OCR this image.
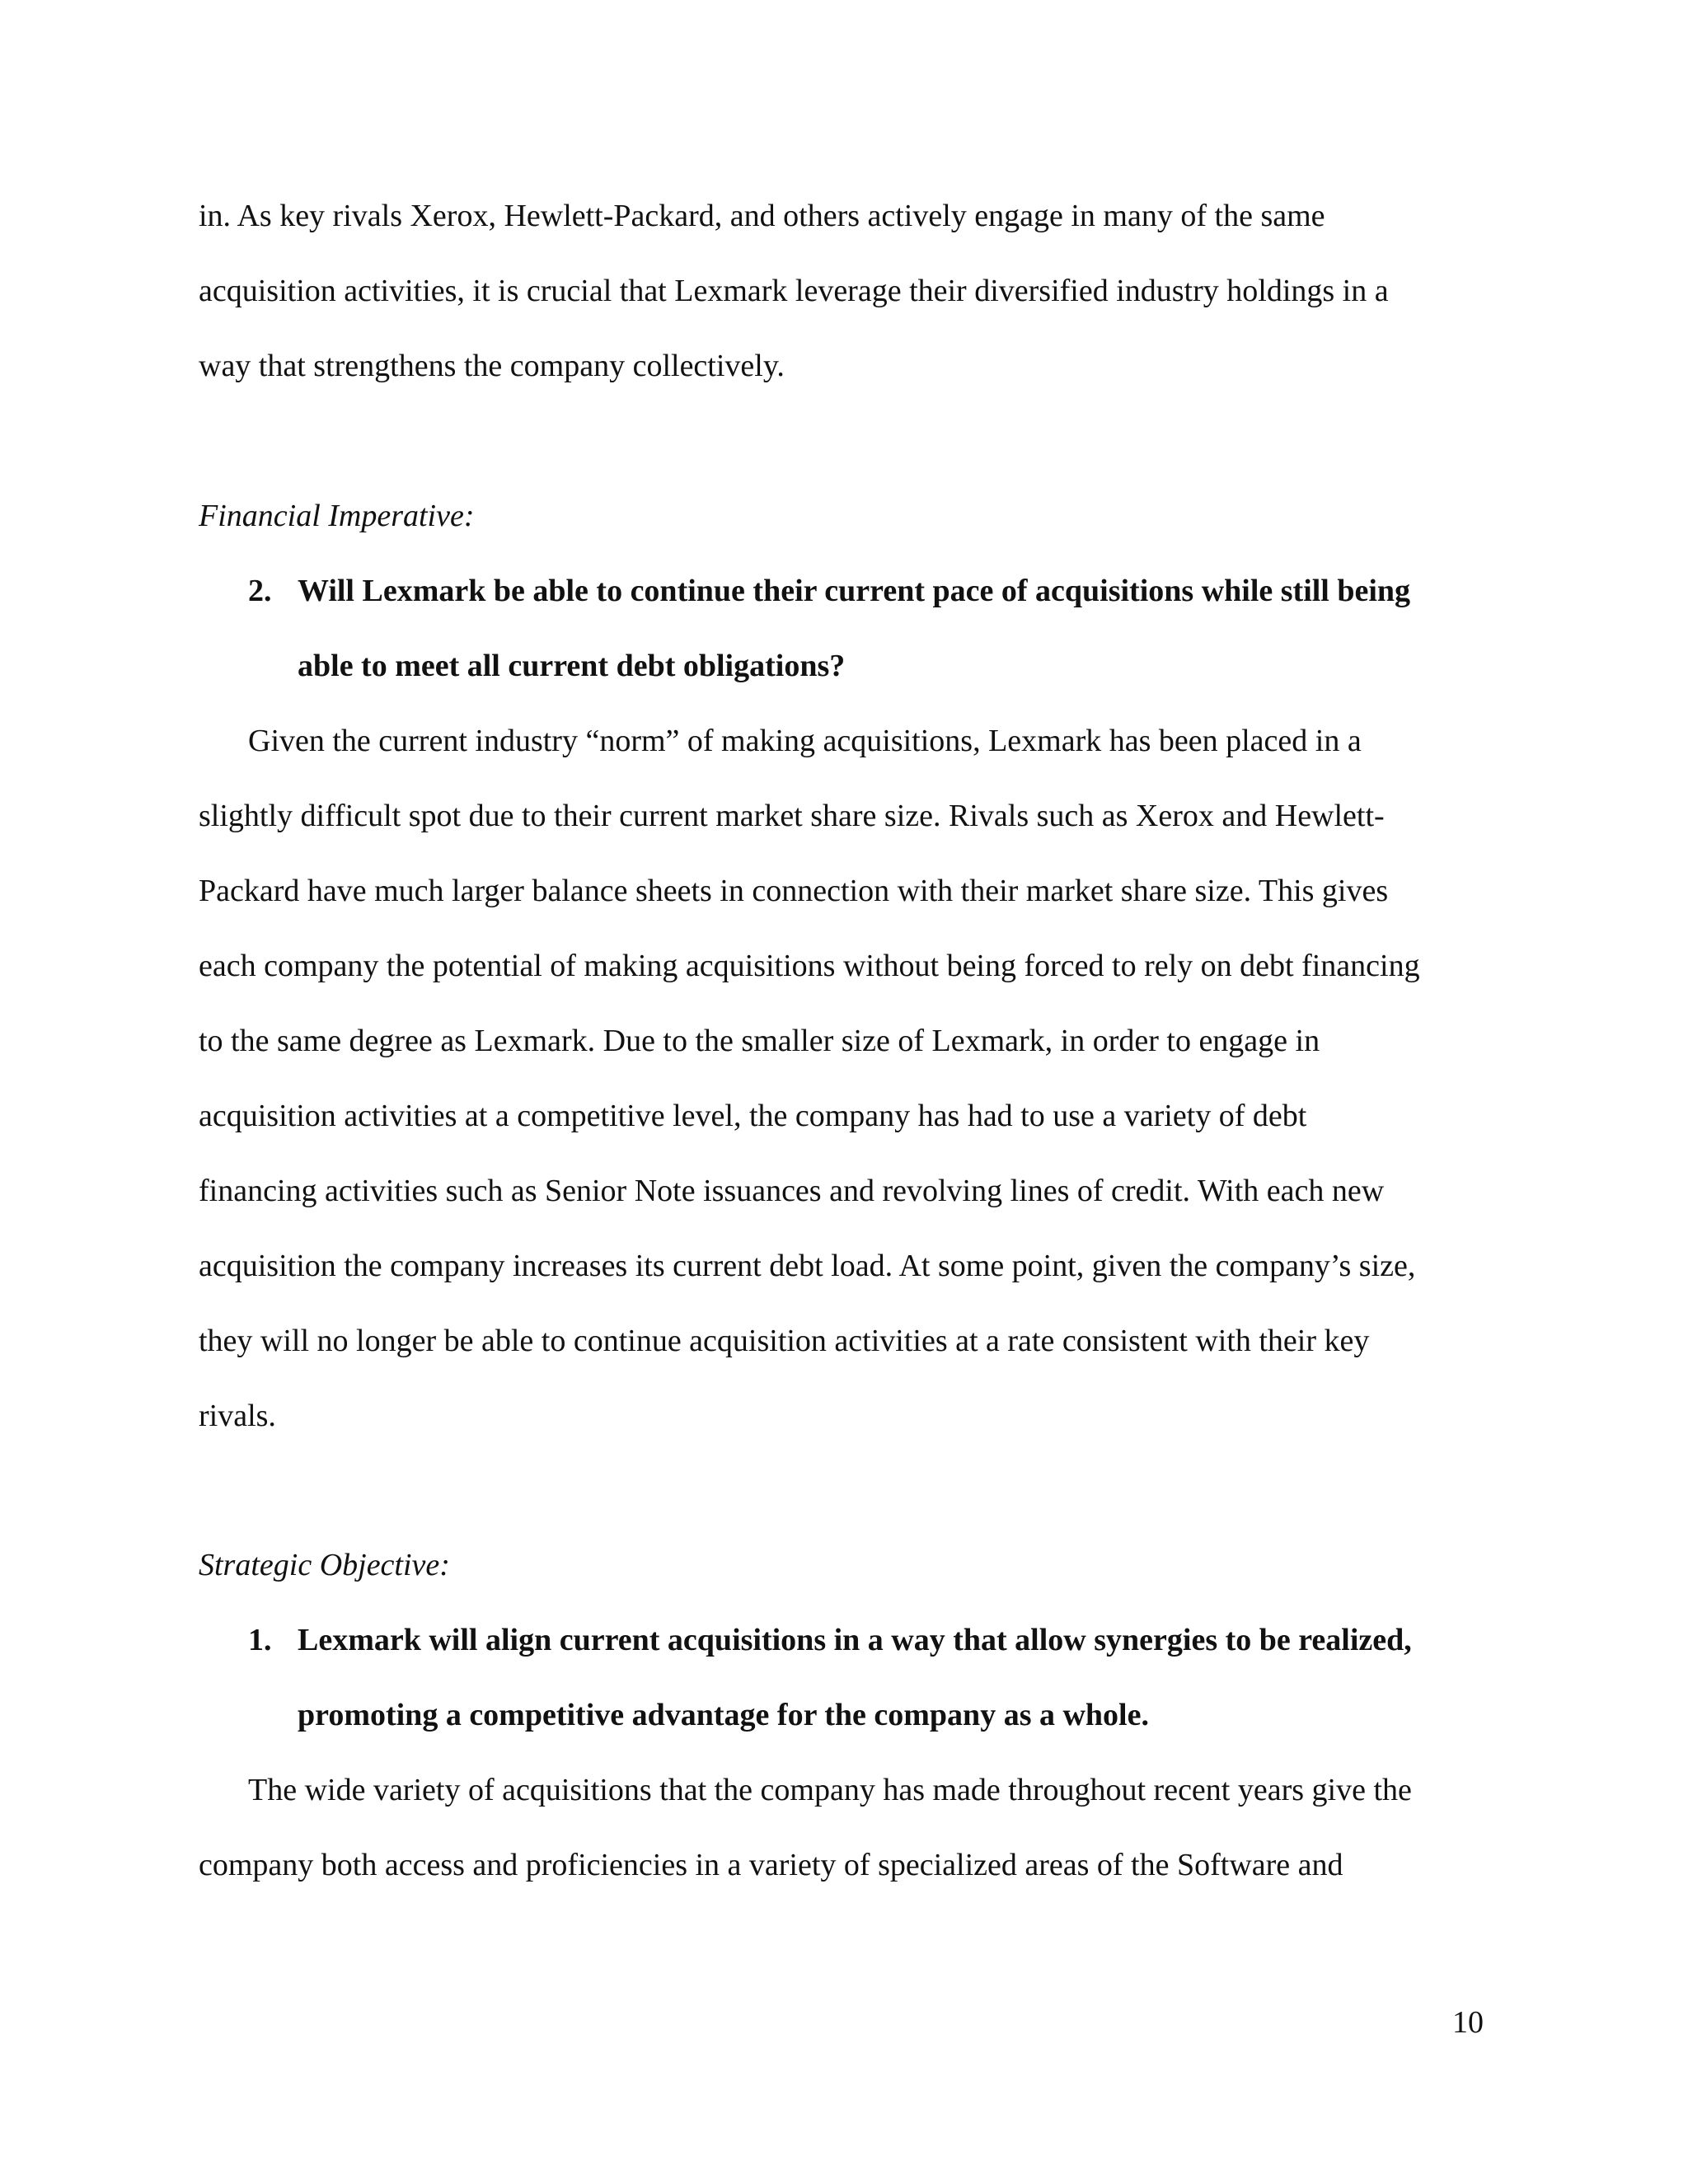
in. As key rivals Xerox, Hewlett-Packard, and others actively engage in many of the same
acquisition activities, it is crucial that Lexmark leverage their diversified industry holdings in a
way that strengthens the company collectively.
Financial Imperative:
2. Will Lexmark be able to continue their current pace of acquisitions while still being
able to meet all current debt obligations?
Given the current industry “norm” of making acquisitions, Lexmark has been placed in a
slightly difficult spot due to their current market share size. Rivals such as Xerox and Hewlett-
Packard have much larger balance sheets in connection with their market share size. This gives
each company the potential of making acquisitions without being forced to rely on debt financing
to the same degree as Lexmark. Due to the smaller size of Lexmark, in order to engage in
acquisition activities at a competitive level, the company has had to use a variety of debt
financing activities such as Senior Note issuances and revolving lines of credit. With each new
acquisition the company increases its current debt load. At some point, given the company’s size,
they will no longer be able to continue acquisition activities at a rate consistent with their key
rivals.
Strategic Objective:
1. Lexmark will align current acquisitions in a way that allow synergies to be realized,
promoting a competitive advantage for the company as a whole.
The wide variety of acquisitions that the company has made throughout recent years give the
company both access and proficiencies in a variety of specialized areas of the Software and
10
